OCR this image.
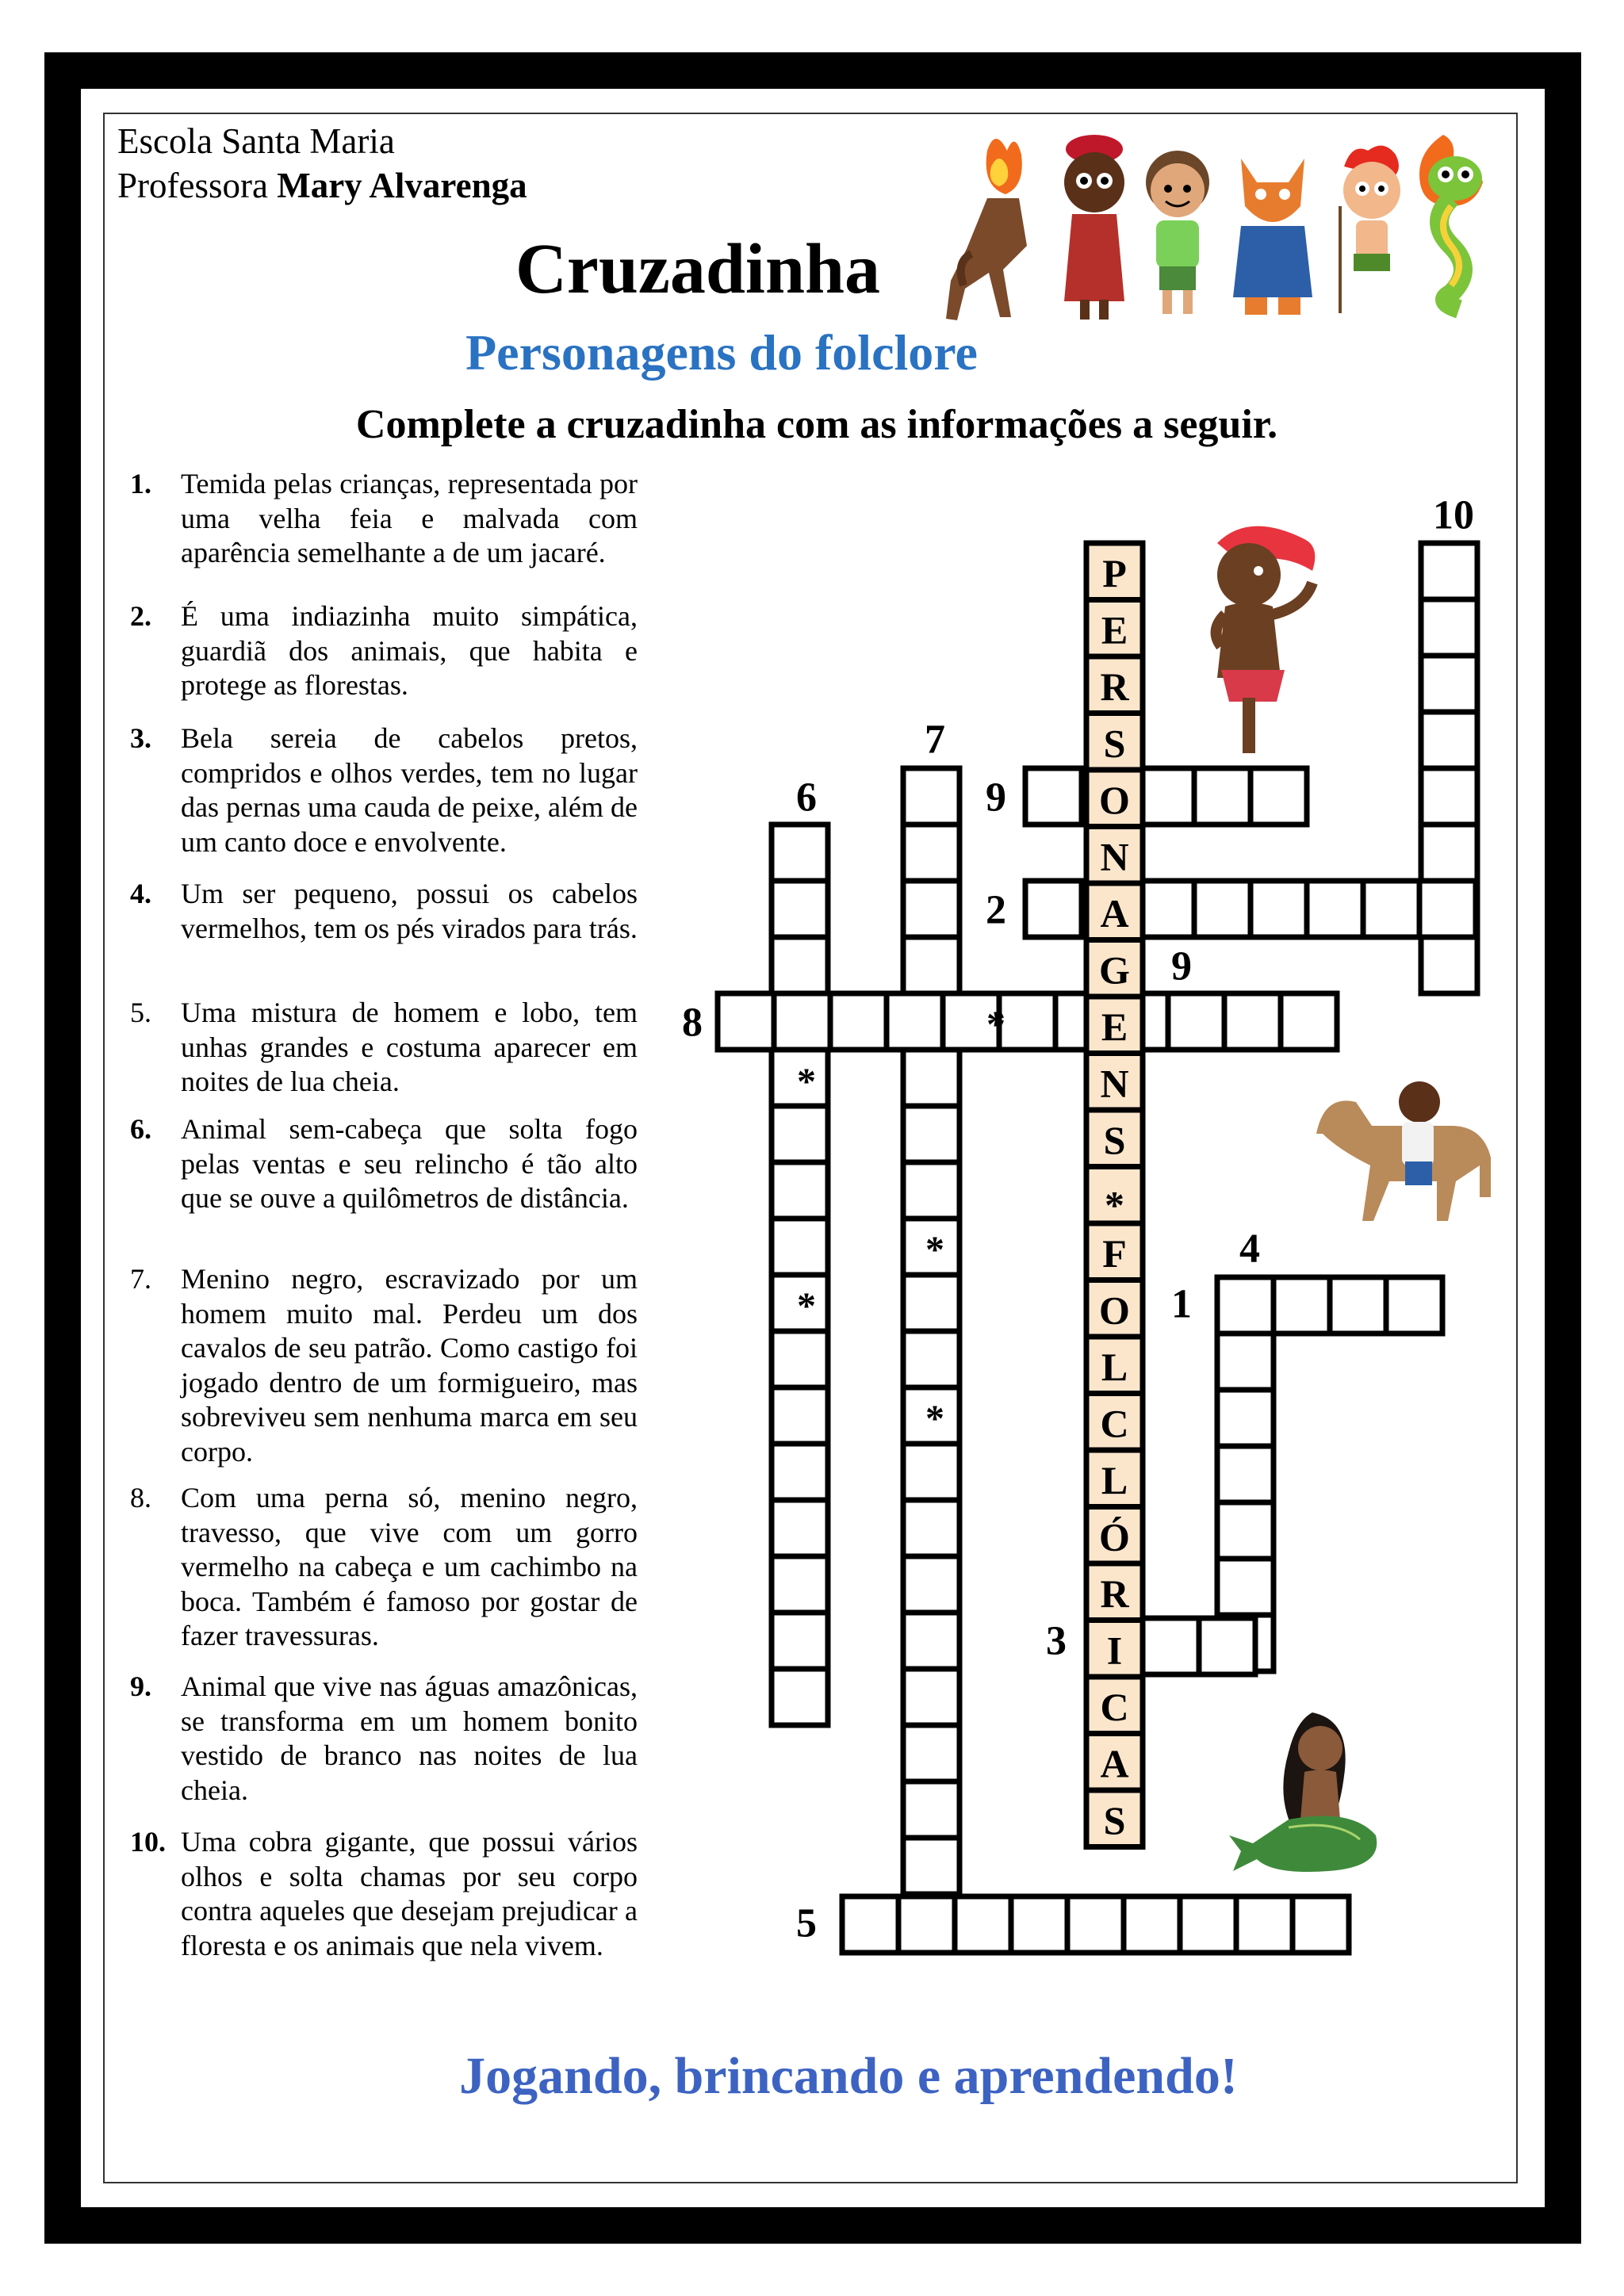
Escola Santa Maria
Professora Mary Alvarenga
Cruzadinha
Personagens do folclore
Complete a cruzadinha com as informações a seguir.
1.	Temida pelas crianças, representada por uma velha feia e malvada com aparência semelhante a de um jacaré.
2.	É uma indiazinha muito simpática, guardiã dos animais, que habita e protege as florestas.
3.	Bela sereia de cabelos pretos, compridos e olhos verdes, tem no lugar das pernas uma cauda de peixe, além de um canto doce e envolvente.
4.	Um ser pequeno, possui os cabelos vermelhos, tem os pés virados para trás.
5.	Uma mistura de homem e lobo, tem unhas grandes e costuma aparecer em noites de lua cheia.
6.	Animal sem-cabeça que solta fogo pelas ventas e seu relincho é tão alto que se ouve a quilômetros de distância.
7.	Menino negro, escravizado por um homem muito mal. Perdeu um dos cavalos de seu patrão. Como castigo foi jogado dentro de um formigueiro, mas sobreviveu sem nenhuma marca em seu corpo.
8.	Com uma perna só, menino negro, travesso, que vive com um gorro vermelho na cabeça e um cachimbo na boca. Também é famoso por gostar de fazer travessuras.
9.	Animal que vive nas águas amazônicas, se transforma em um homem bonito vestido de branco nas noites de lua cheia.
10. Uma cobra gigante, que possui vários olhos e solta chamas por seu corpo contra aqueles que desejam prejudicar a floresta e os animais que nela vivem.
P
E
R
S
O
N
A
G
E
N
S
*
F
O
L
C
L
Ó
R
I
C
A
S
10
7
6	9
2
9
8
4
1
3
5
*
*
*
*
*
Jogando, brincando e aprendendo!
